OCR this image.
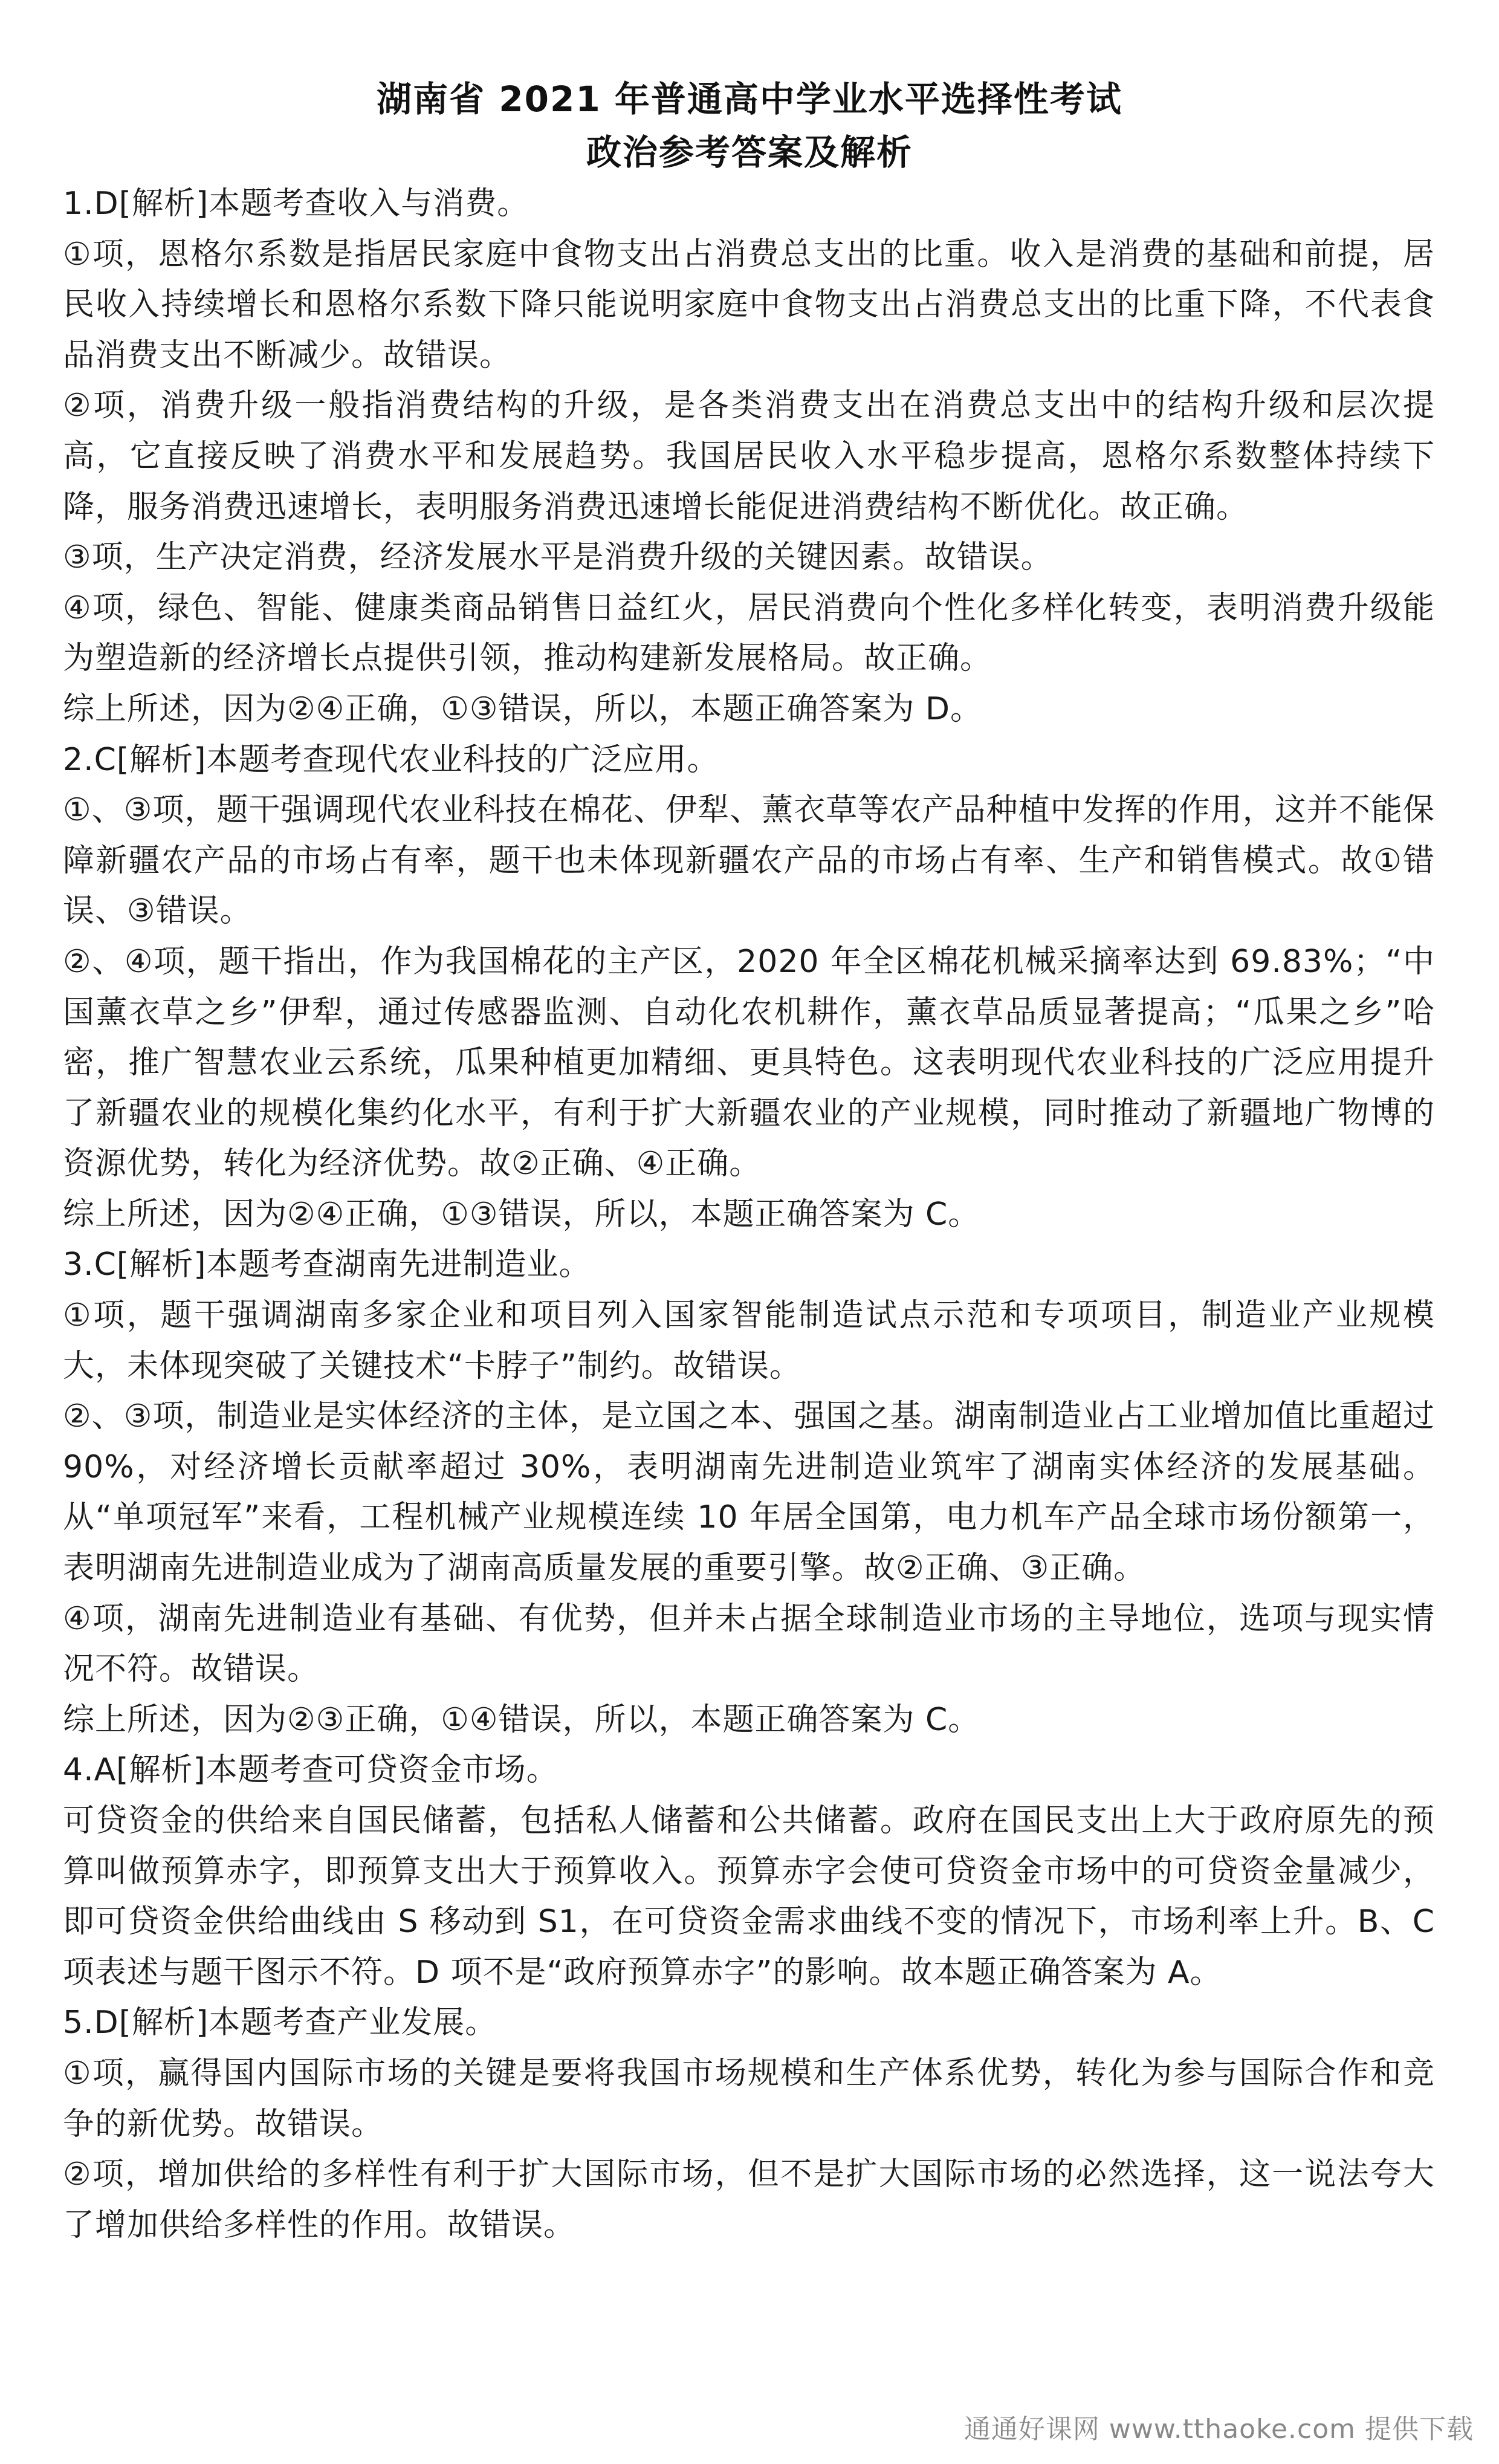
湖南省 2021 年普通高中学业水平选择性考试
政治参考答案及解析

1.D[解析]本题考查收入与消费。

①项，恩格尔系数是指居民家庭中食物支出占消费总支出的比重。收入是消费的基础和前提，居民收入持续增长和恩格尔系数下降只能说明家庭中食物支出占消费总支出的比重下降，不代表食品消费支出不断减少。故错误。

②项，消费升级一般指消费结构的升级，是各类消费支出在消费总支出中的结构升级和层次提高，它直接反映了消费水平和发展趋势。我国居民收入水平稳步提高，恩格尔系数整体持续下降，服务消费迅速增长，表明服务消费迅速增长能促进消费结构不断优化。故正确。

③项，生产决定消费，经济发展水平是消费升级的关键因素。故错误。

④项，绿色、智能、健康类商品销售日益红火，居民消费向个性化多样化转变，表明消费升级能为塑造新的经济增长点提供引领，推动构建新发展格局。故正确。

综上所述，因为②④正确，①③错误，所以，本题正确答案为 D。

2.C[解析]本题考查现代农业科技的广泛应用。

①、③项，题干强调现代农业科技在棉花、伊犁、薰衣草等农产品种植中发挥的作用，这并不能保障新疆农产品的市场占有率，题干也未体现新疆农产品的市场占有率、生产和销售模式。故①错误、③错误。

②、④项，题干指出，作为我国棉花的主产区，2020 年全区棉花机械采摘率达到 69.83%；“中国薰衣草之乡”伊犁，通过传感器监测、自动化农机耕作，薰衣草品质显著提高；“瓜果之乡”哈密，推广智慧农业云系统，瓜果种植更加精细、更具特色。这表明现代农业科技的广泛应用提升了新疆农业的规模化集约化水平，有利于扩大新疆农业的产业规模，同时推动了新疆地广物博的资源优势，转化为经济优势。故②正确、④正确。

综上所述，因为②④正确，①③错误，所以，本题正确答案为 C。

3.C[解析]本题考查湖南先进制造业。

①项，题干强调湖南多家企业和项目列入国家智能制造试点示范和专项项目，制造业产业规模大，未体现突破了关键技术“卡脖子”制约。故错误。

②、③项，制造业是实体经济的主体，是立国之本、强国之基。湖南制造业占工业增加值比重超过 90%，对经济增长贡献率超过 30%，表明湖南先进制造业筑牢了湖南实体经济的发展基础。从“单项冠军”来看，工程机械产业规模连续 10 年居全国第，电力机车产品全球市场份额第一，表明湖南先进制造业成为了湖南高质量发展的重要引擎。故②正确、③正确。

④项，湖南先进制造业有基础、有优势，但并未占据全球制造业市场的主导地位，选项与现实情况不符。故错误。

综上所述，因为②③正确，①④错误，所以，本题正确答案为 C。

4.A[解析]本题考查可贷资金市场。

可贷资金的供给来自国民储蓄，包括私人储蓄和公共储蓄。政府在国民支出上大于政府原先的预算叫做预算赤字，即预算支出大于预算收入。预算赤字会使可贷资金市场中的可贷资金量减少，即可贷资金供给曲线由 S 移动到 S1，在可贷资金需求曲线不变的情况下，市场利率上升。B、C 项表述与题干图示不符。D 项不是“政府预算赤字”的影响。故本题正确答案为 A。

5.D[解析]本题考查产业发展。

①项，赢得国内国际市场的关键是要将我国市场规模和生产体系优势，转化为参与国际合作和竞争的新优势。故错误。

②项，增加供给的多样性有利于扩大国际市场，但不是扩大国际市场的必然选择，这一说法夸大了增加供给多样性的作用。故错误。

通通好课网 www.tthaoke.com 提供下载
